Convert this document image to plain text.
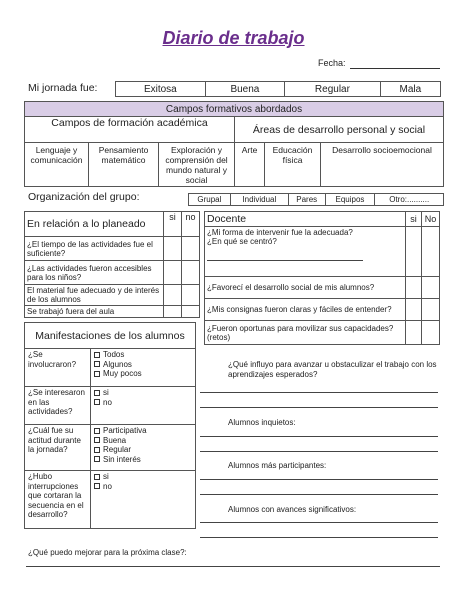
Diario de trabajo
Fecha:
Mi jornada fue:	Exitosa	Buena	Regular	Mala
Campos formativos abordados					
Campos de formación académica			Áreas de desarrollo personal y social		
Lenguaje y comunicación	Pensamiento matemático	Exploración y comprensión del mundo natural y social	Arte	Educación física	Desarrollo socioemocional
Organización del grupo:	Grupal	Individual	Pares	Equipos	Otro:..........
En relación a lo planeado	si	no
¿El tiempo de las actividades fue el suficiente?		
¿Las actividades fueron accesibles para los niños?		
El material fue adecuado y de interés de los alumnos		
Se trabajó fuera del aula		
Docente	si	No

¿Mi forma de intervenir fue la adecuada?
¿En qué se centró?		

¿Favorecí el desarrollo social de mis alumnos?		
¿Mis consignas fueron claras y fáciles de entender?		
¿Fueron oportunas para movilizar sus capacidades? (retos)		
Manifestaciones de los alumnos	
¿Se involucraron?	Todos
Algunos
Muy pocos

¿Se interesaron en las actividades?	si
no

¿Cuál fue su actitud durante la jornada?	Participativa
Buena
Regular
Sin interés

¿Hubo interrupciones que cortaran la secuencia en el desarrollo?	si
no
¿Qué influyo para avanzar u obstaculizar el trabajo con los aprendizajes esperados?
Alumnos inquietos:
Alumnos más participantes:
Alumnos con avances significativos:
¿Qué puedo mejorar para la próxima clase?:
